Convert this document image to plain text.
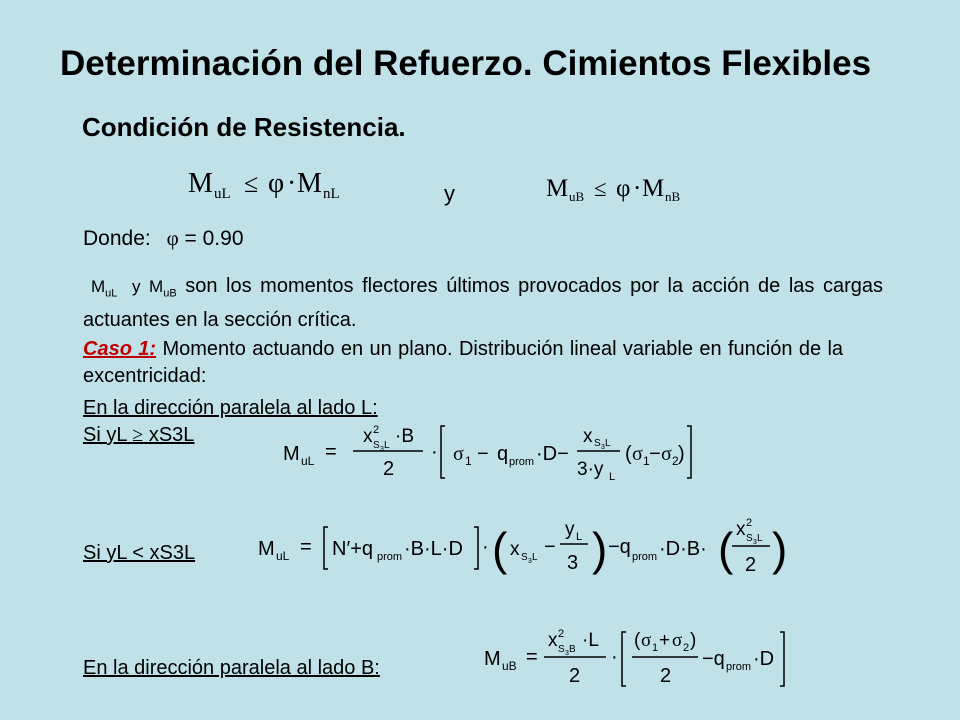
Determinación del Refuerzo. Cimientos Flexibles
Condición de Resistencia.
M uL ≤ φ · M nL	y	M uB ≤ φ · M nB
Donde: φ = 0.90
$M_{uL}$ y $M_{uB}$ son los momentos flectores últimos provocados por la acción de las cargas actuantes en la sección crítica.
Caso 1: Momento actuando en un plano. Distribución lineal variable en función de la excentricidad:
En la dirección paralela al lado L:
Si yL ≥ xS3L
M uL =
x 2
S 3 L ·B
2
· σ 1 − q prom ·D−
x S 3 L
3·y L
( σ 1 − σ 2 )
Si yL < xS3L	M uL = N′+q prom ·B·L·D · ( x S 3 L −
y L
3 ) −q prom ·D·B· ( x 2
S 3 L
2 )
En la dirección paralela al lado B:	M uB =
x 2
S 3 B ·L
2
·
( σ 1 + σ 2 )
2
−q prom ·D
